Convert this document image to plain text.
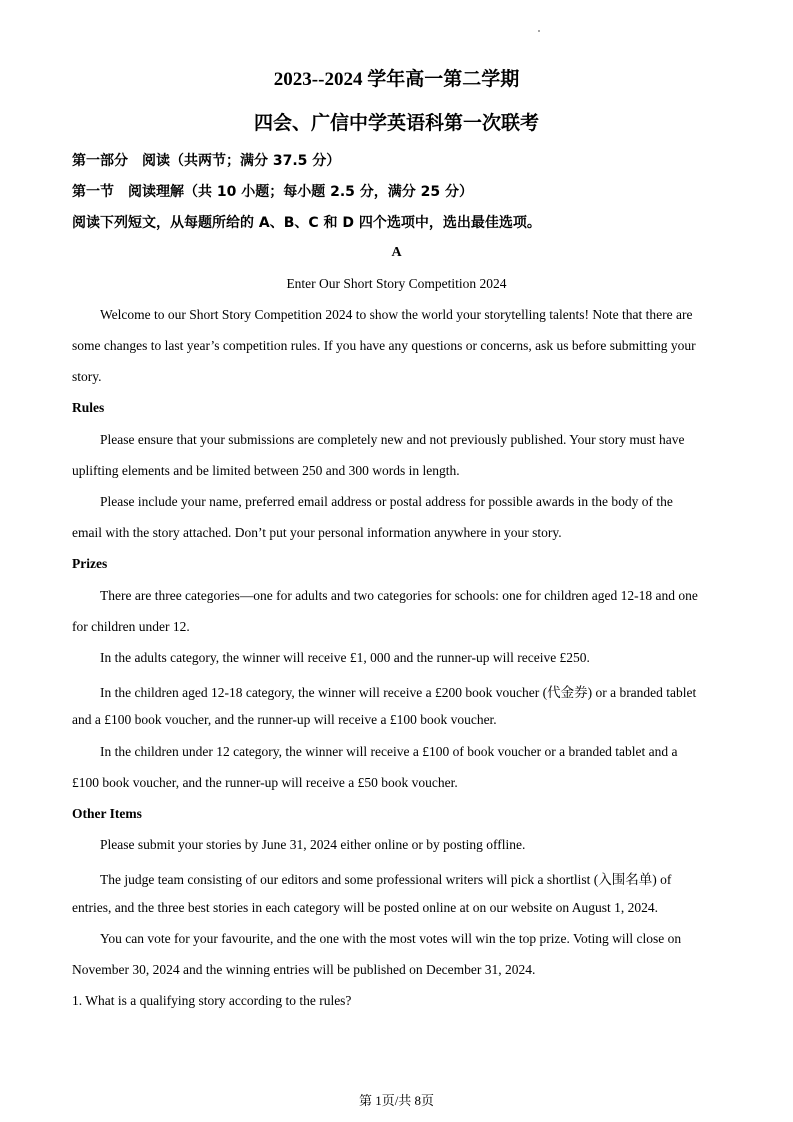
2023--2024 学年高一第二学期
四会、广信中学英语科第一次联考
第一部分　阅读（共两节；满分 37.5 分）
第一节　阅读理解（共 10 小题；每小题 2.5 分，满分 25 分）
阅读下列短文，从每题所给的 A、B、C 和 D 四个选项中，选出最佳选项。
A
Enter Our Short Story Competition 2024
Welcome to our Short Story Competition 2024 to show the world your storytelling talents! Note that there are
some changes to last year’s competition rules. If you have any questions or concerns, ask us before submitting your
story.
Rules
Please ensure that your submissions are completely new and not previously published. Your story must have
uplifting elements and be limited between 250 and 300 words in length.
Please include your name, preferred email address or postal address for possible awards in the body of the
email with the story attached. Don’t put your personal information anywhere in your story.
Prizes
There are three categories—one for adults and two categories for schools: one for children aged 12-18 and one
for children under 12.
In the adults category, the winner will receive £1, 000 and the runner-up will receive £250.
In the children aged 12-18 category, the winner will receive a £200 book voucher (代金券) or a branded tablet
and a £100 book voucher, and the runner-up will receive a £100 book voucher.
In the children under 12 category, the winner will receive a £100 of book voucher or a branded tablet and a
£100 book voucher, and the runner-up will receive a £50 book voucher.
Other Items
Please submit your stories by June 31, 2024 either online or by posting offline.
The judge team consisting of our editors and some professional writers will pick a shortlist (入围名单) of
entries, and the three best stories in each category will be posted online at on our website on August 1, 2024.
You can vote for your favourite, and the one with the most votes will win the top prize. Voting will close on
November 30, 2024 and the winning entries will be published on December 31, 2024.
1. What is a qualifying story according to the rules?
第 1页/共 8页
